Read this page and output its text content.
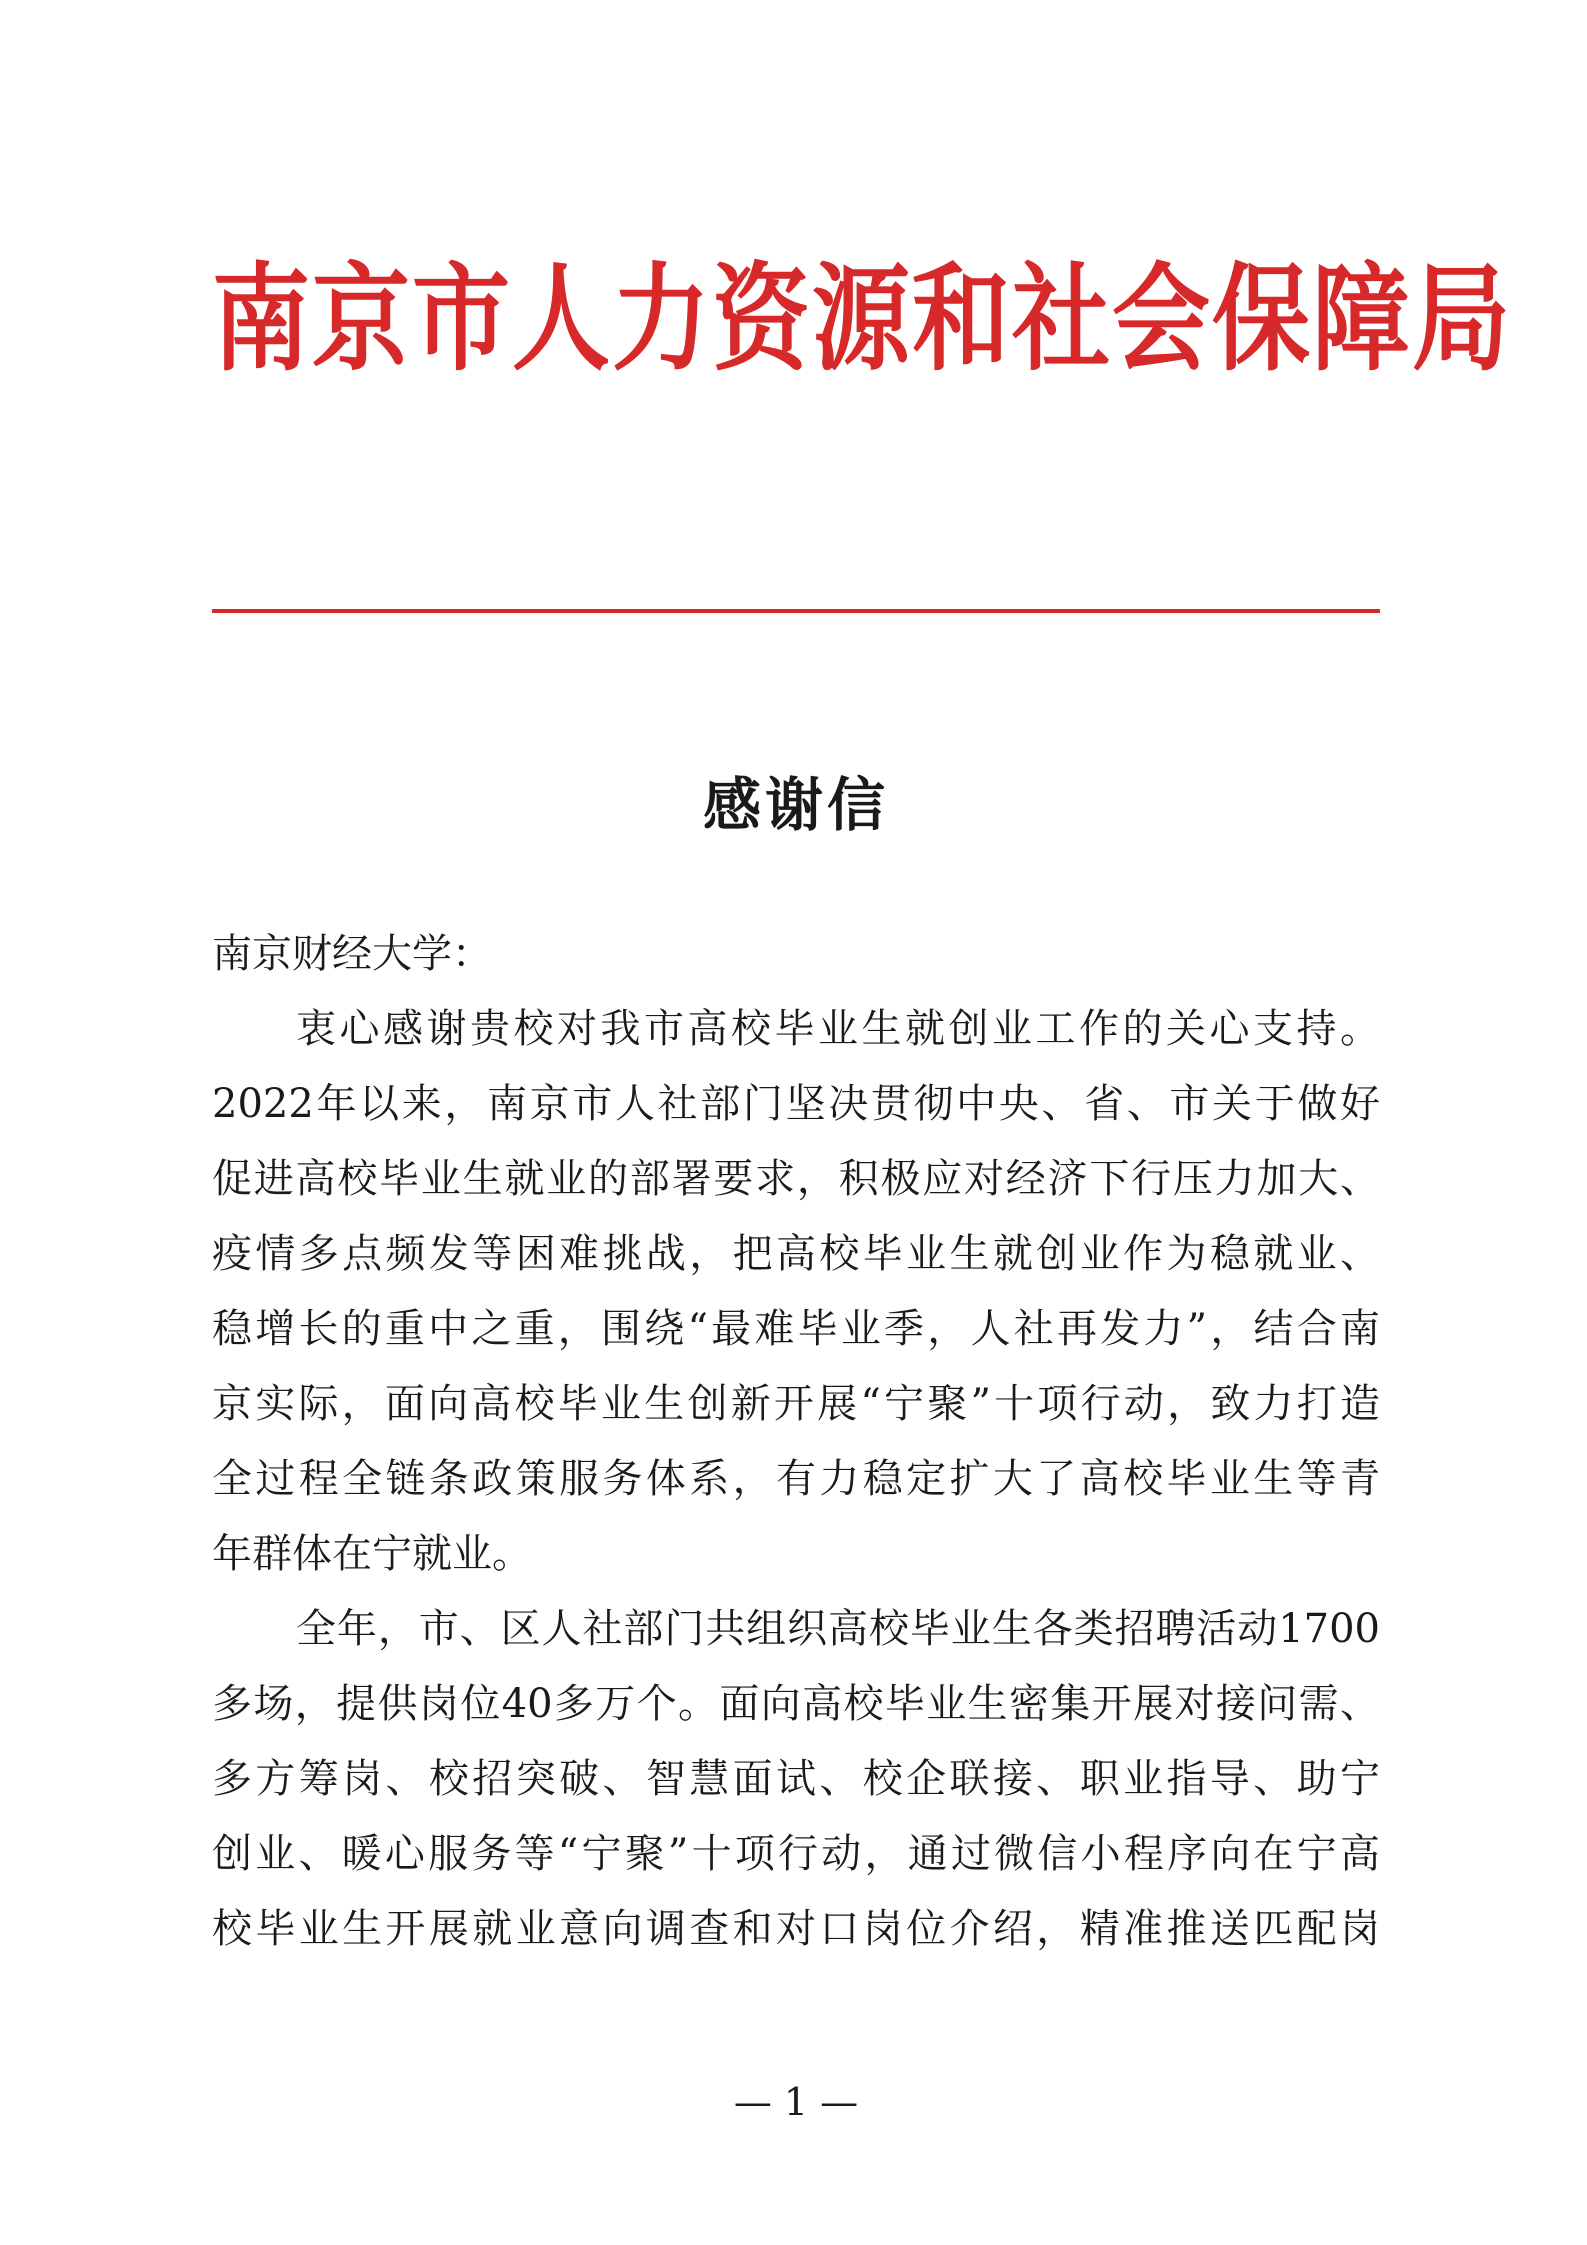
南京市人力资源和社会保障局
感谢信
南京财经大学：
衷心感谢贵校对我市高校毕业生就创业工作的关心支持。
2022年以来，南京市人社部门坚决贯彻中央、省、市关于做好
促进高校毕业生就业的部署要求，积极应对经济下行压力加大、
疫情多点频发等困难挑战，把高校毕业生就创业作为稳就业、
稳增长的重中之重，围绕“最难毕业季，人社再发力”，结合南
京实际，面向高校毕业生创新开展“宁聚”十项行动，致力打造
全过程全链条政策服务体系，有力稳定扩大了高校毕业生等青
年群体在宁就业。
全年，市、区人社部门共组织高校毕业生各类招聘活动1700
多场，提供岗位40多万个。面向高校毕业生密集开展对接问需、
多方筹岗、校招突破、智慧面试、校企联接、职业指导、助宁
创业、暖心服务等“宁聚”十项行动，通过微信小程序向在宁高
校毕业生开展就业意向调查和对口岗位介绍，精准推送匹配岗
— 1 —
